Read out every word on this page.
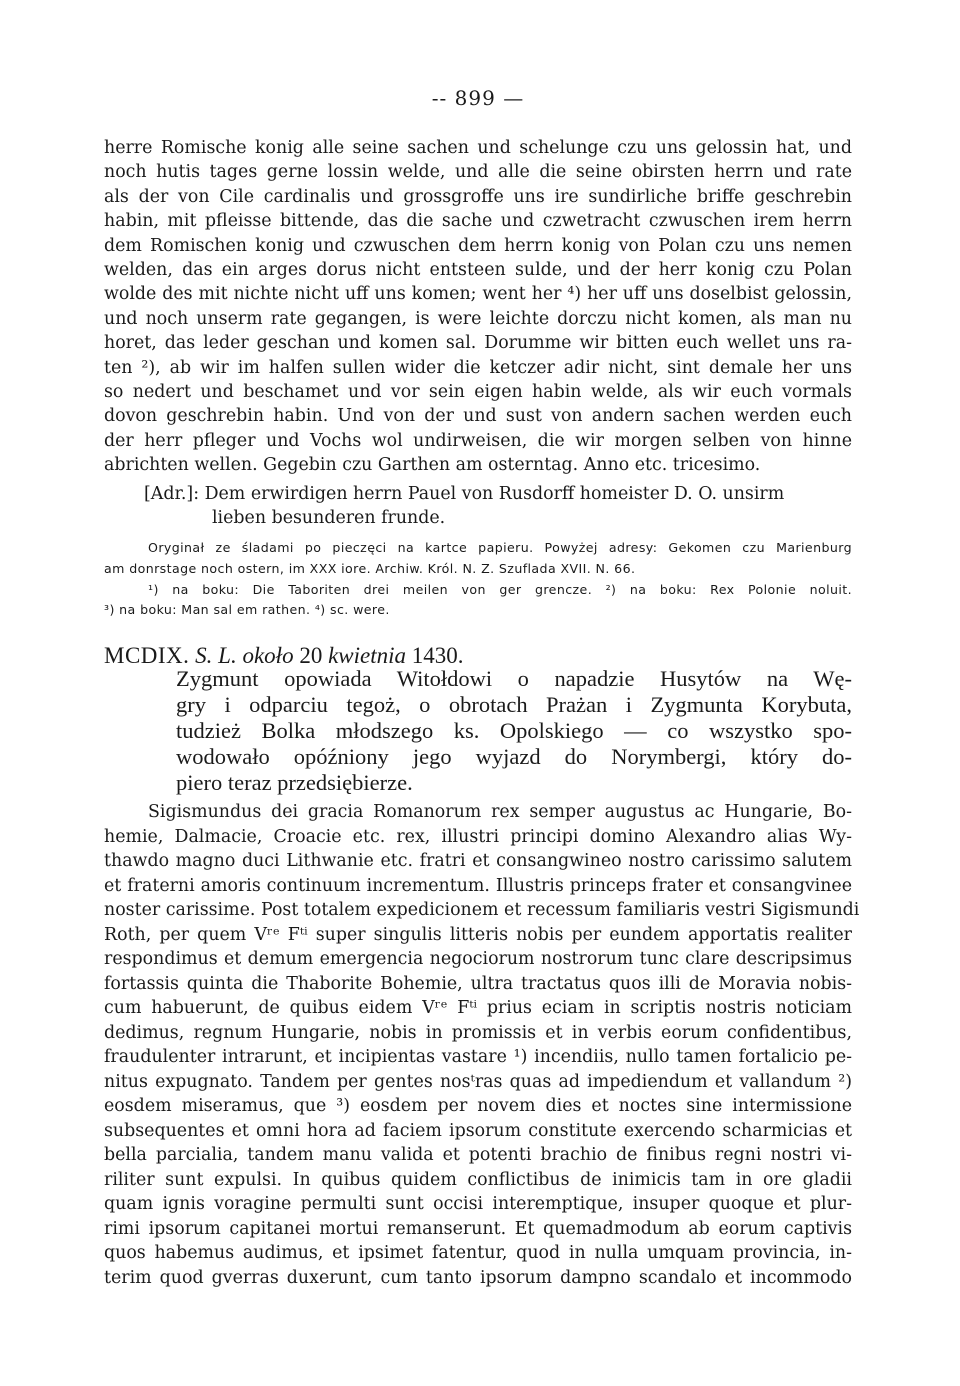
-- 899 —
herre Romische konig alle seine sachen und schelunge czu uns gelossin hat, und
noch hutis tages gerne lossin welde, und alle die seine obirsten herrn und rate
als der von Cile cardinalis und grossgroffe uns ire sundirliche briffe geschrebin
habin, mit pfleisse bittende, das die sache und czwetracht czwuschen irem herrn
dem Romischen konig und czwuschen dem herrn konig von Polan czu uns nemen
welden, das ein arges dorus nicht entsteen sulde, und der herr konig czu Polan
wolde des mit nichte nicht uff uns komen; went her ⁴) her uff uns doselbist gelossin,
und noch unserm rate gegangen, is were leichte dorczu nicht komen, als man nu
horet, das leder geschan und komen sal. Dorumme wir bitten euch wellet uns ra-
ten ²), ab wir im halfen sullen wider die ketczer adir nicht, sint demale her uns
so nedert und beschamet und vor sein eigen habin welde, als wir euch vormals
dovon geschrebin habin. Und von der und sust von andern sachen werden euch
der herr pfleger und Vochs wol undirweisen, die wir morgen selben von hinne
abrichten wellen. Gegebin czu Garthen am osterntag. Anno etc. tricesimo.
[Adr.]: Dem erwirdigen herrn Pauel von Rusdorff homeister D. O. unsirm
lieben besunderen frunde.
Oryginał ze śladami po pieczęci na kartce papieru. Powyżej adresy: Gekomen czu Marienburg
am donrstage noch ostern, im XXX iore. Archiw. Król. N. Z. Szuflada XVII. N. 66.
¹) na boku: Die Taboriten drei meilen von ger grencze. ²) na boku: Rex Polonie noluit.
³) na boku: Man sal em rathen. ⁴) sc. were.
MCDIX. S. L. około 20 kwietnia 1430.
Zygmunt opowiada Witołdowi o napadzie Husytów na Wę-
gry i odparciu tegoż, o obrotach Prażan i Zygmunta Korybuta,
tudzież Bolka młodszego ks. Opolskiego — co wszystko spo-
wodowało opóźniony jego wyjazd do Norymbergi, który do-
piero teraz przedsiębierze.
Sigismundus dei gracia Romanorum rex semper augustus ac Hungarie, Bo-
hemie, Dalmacie, Croacie etc. rex, illustri principi domino Alexandro alias Wy-
thawdo magno duci Lithwanie etc. fratri et consangwineo nostro carissimo salutem
et fraterni amoris continuum incrementum. Illustris princeps frater et consangvinee
noster carissime. Post totalem expedicionem et recessum familiaris vestri Sigismundi
Roth, per quem Vʳᵉ Fᵗⁱ super singulis litteris nobis per eundem apportatis realiter
respondimus et demum emergencia negociorum nostrorum tunc clare descripsimus
fortassis quinta die Thaborite Bohemie, ultra tractatus quos illi de Moravia nobis-
cum habuerunt, de quibus eidem Vʳᵉ Fᵗⁱ prius eciam in scriptis nostris noticiam
dedimus, regnum Hungarie, nobis in promissis et in verbis eorum confidentibus,
fraudulenter intrarunt, et incipientas vastare ¹) incendiis, nullo tamen fortalicio pe-
nitus expugnato. Tandem per gentes nosᵗras quas ad impediendum et vallandum ²)
eosdem miseramus, que ³) eosdem per novem dies et noctes sine intermissione
subsequentes et omni hora ad faciem ipsorum constitute exercendo scharmicias et
bella parcialia, tandem manu valida et potenti brachio de finibus regni nostri vi-
riliter sunt expulsi. In quibus quidem conflictibus de inimicis tam in ore gladii
quam ignis voragine permulti sunt occisi interemptique, insuper quoque et plur-
rimi ipsorum capitanei mortui remanserunt. Et quemadmodum ab eorum captivis
quos habemus audimus, et ipsimet fatentur, quod in nulla umquam provincia, in-
terim quod gverras duxerunt, cum tanto ipsorum dampno scandalo et incommodo
